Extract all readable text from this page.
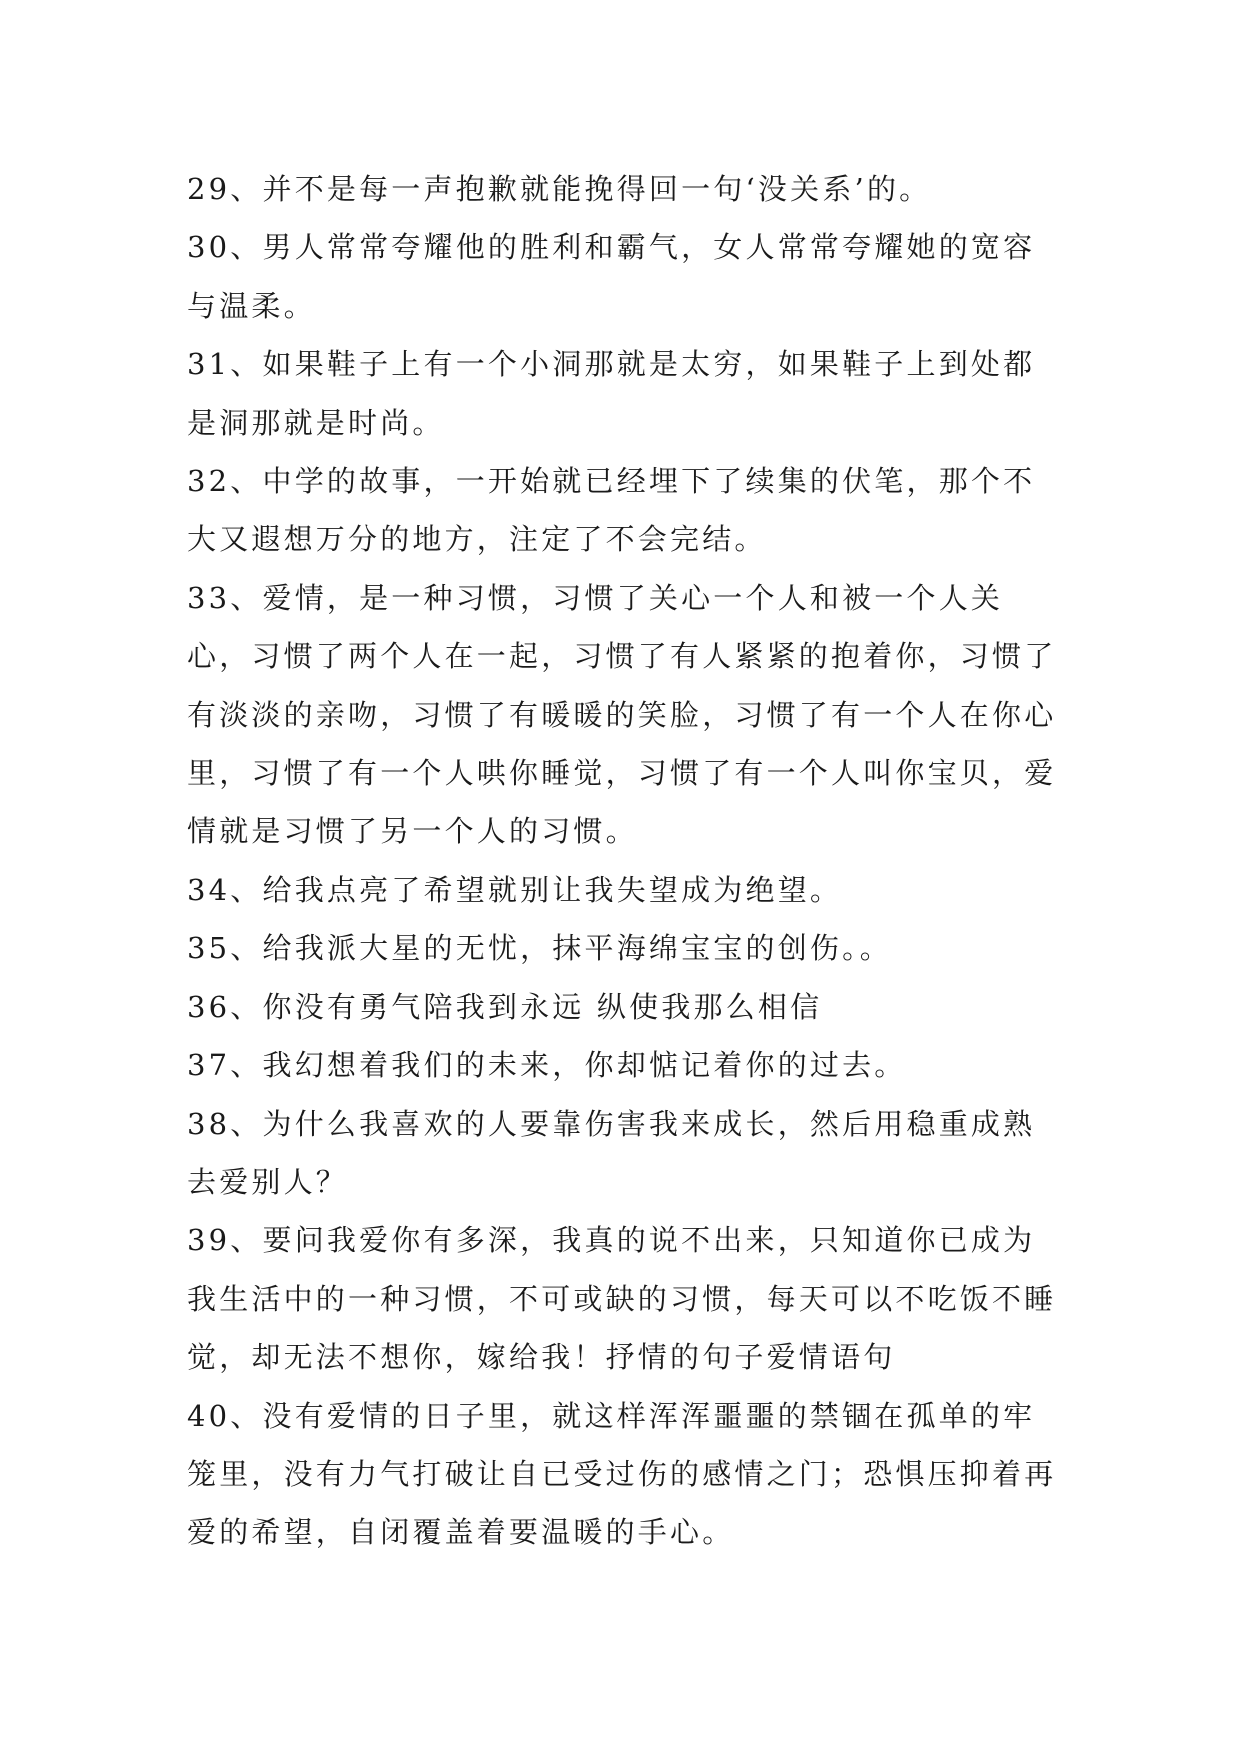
29、并不是每一声抱歉就能挽得回一句‘没关系’的。

30、男人常常夸耀他的胜利和霸气，女人常常夸耀她的宽容与温柔。

31、如果鞋子上有一个小洞那就是太穷，如果鞋子上到处都是洞那就是时尚。

32、中学的故事，一开始就已经埋下了续集的伏笔，那个不大又遐想万分的地方，注定了不会完结。

33、爱情，是一种习惯，习惯了关心一个人和被一个人关心，习惯了两个人在一起，习惯了有人紧紧的抱着你，习惯了有淡淡的亲吻，习惯了有暖暖的笑脸，习惯了有一个人在你心里，习惯了有一个人哄你睡觉，习惯了有一个人叫你宝贝，爱情就是习惯了另一个人的习惯。

34、给我点亮了希望就别让我失望成为绝望。

35、给我派大星的无忧，抹平海绵宝宝的创伤。。

36、你没有勇气陪我到永远 纵使我那么相信

37、我幻想着我们的未来，你却惦记着你的过去。

38、为什么我喜欢的人要靠伤害我来成长，然后用稳重成熟去爱别人？

39、要问我爱你有多深，我真的说不出来，只知道你已成为我生活中的一种习惯，不可或缺的习惯，每天可以不吃饭不睡觉，却无法不想你，嫁给我！抒情的句子爱情语句

40、没有爱情的日子里，就这样浑浑噩噩的禁锢在孤单的牢笼里，没有力气打破让自已受过伤的感情之门；恐惧压抑着再爱的希望，自闭覆盖着要温暖的手心。
